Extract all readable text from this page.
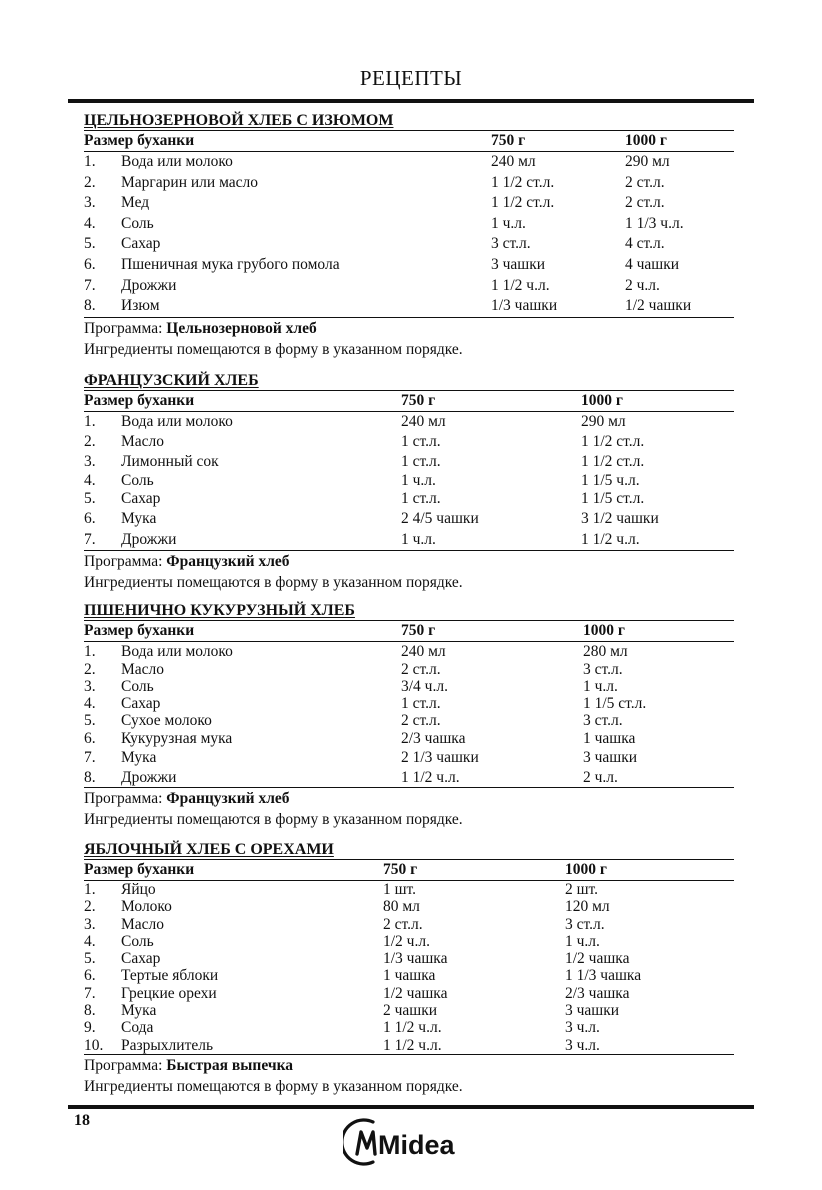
РЕЦЕПТЫ
ЦЕЛЬНОЗЕРНОВОЙ ХЛЕБ С ИЗЮМОМ
Размер буханки	750 г	1000 г
1. Вода или молоко	240 мл	290 мл
2. Маргарин или масло	1 1/2 ст.л.	2 ст.л.
3. Мед	1 1/2 ст.л.	2 ст.л.
4. Соль	1 ч.л.	1 1/3 ч.л.
5. Сахар	3 ст.л.	4 ст.л.
6. Пшеничная мука грубого помола	3 чашки	4 чашки
7. Дрожжи	1 1/2 ч.л.	2 ч.л.
8. Изюм	1/3 чашки	1/2 чашки
Программа: Цельнозерновой хлеб
Ингредиенты помещаются в форму в указанном порядке.
ФРАНЦУЗСКИЙ ХЛЕБ
Размер буханки	750 г	1000 г
1. Вода или молоко	240 мл	290 мл
2. Масло	1 ст.л.	1 1/2 ст.л.
3. Лимонный сок	1 ст.л.	1 1/2 ст.л.
4. Соль	1 ч.л.	1 1/5 ч.л.
5. Сахар	1 ст.л.	1 1/5 ст.л.
6. Мука	2 4/5 чашки	3 1/2 чашки
7. Дрожжи	1 ч.л.	1 1/2 ч.л.
Программа: Французкий хлеб
Ингредиенты помещаются в форму в указанном порядке.
ПШЕНИЧНО КУКУРУЗНЫЙ ХЛЕБ
Размер буханки	750 г	1000 г
1. Вода или молоко	240 мл	280 мл
2. Масло	2 ст.л.	3 ст.л.
3. Соль	3/4 ч.л.	1 ч.л.
4. Сахар	1 ст.л.	1 1/5 ст.л.
5. Сухое молоко	2 ст.л.	3 ст.л.
6. Кукурузная мука	2/3 чашка	1 чашка
7. Мука	2 1/3 чашки	3 чашки
8. Дрожжи	1 1/2 ч.л.	2 ч.л.
Программа: Французкий хлеб
Ингредиенты помещаются в форму в указанном порядке.
ЯБЛОЧНЫЙ ХЛЕБ С ОРЕХАМИ
Размер буханки	750 г	1000 г
1. Яйцо	1 шт.	2 шт.
2. Молоко	80 мл	120 мл
3. Масло	2 ст.л.	3 ст.л.
4. Соль	1/2 ч.л.	1 ч.л.
5. Сахар	1/3 чашка	1/2 чашка
6. Тертые яблоки	1 чашка	1 1/3 чашка
7. Грецкие орехи	1/2 чашка	2/3 чашка
8. Мука	2 чашки	3 чашки
9. Сода	1 1/2 ч.л.	3 ч.л.
10. Разрыхлитель	1 1/2 ч.л.	3 ч.л.
Программа: Быстрая выпечка
Ингредиенты помещаются в форму в указанном порядке.
18
Midea
